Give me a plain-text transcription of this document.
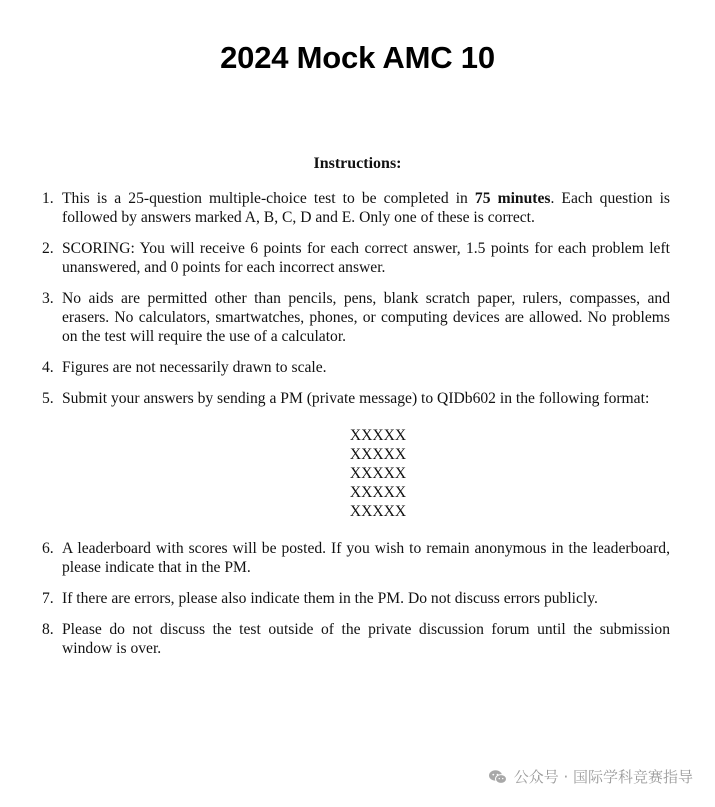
2024 Mock AMC 10
Instructions:
1. This is a 25-question multiple-choice test to be completed in 75 minutes. Each question is followed by answers marked A, B, C, D and E. Only one of these is correct.
2. SCORING: You will receive 6 points for each correct answer, 1.5 points for each problem left unanswered, and 0 points for each incorrect answer.
3. No aids are permitted other than pencils, pens, blank scratch paper, rulers, compasses, and erasers. No calculators, smartwatches, phones, or computing devices are allowed. No problems on the test will require the use of a calculator.
4. Figures are not necessarily drawn to scale.
5. Submit your answers by sending a PM (private message) to QIDb602 in the following format:
XXXXX
XXXXX
XXXXX
XXXXX
XXXXX
6. A leaderboard with scores will be posted. If you wish to remain anonymous in the leaderboard, please indicate that in the PM.
7. If there are errors, please also indicate them in the PM. Do not discuss errors publicly.
8. Please do not discuss the test outside of the private discussion forum until the submission window is over.
公众号 · 国际学科竞赛指导
